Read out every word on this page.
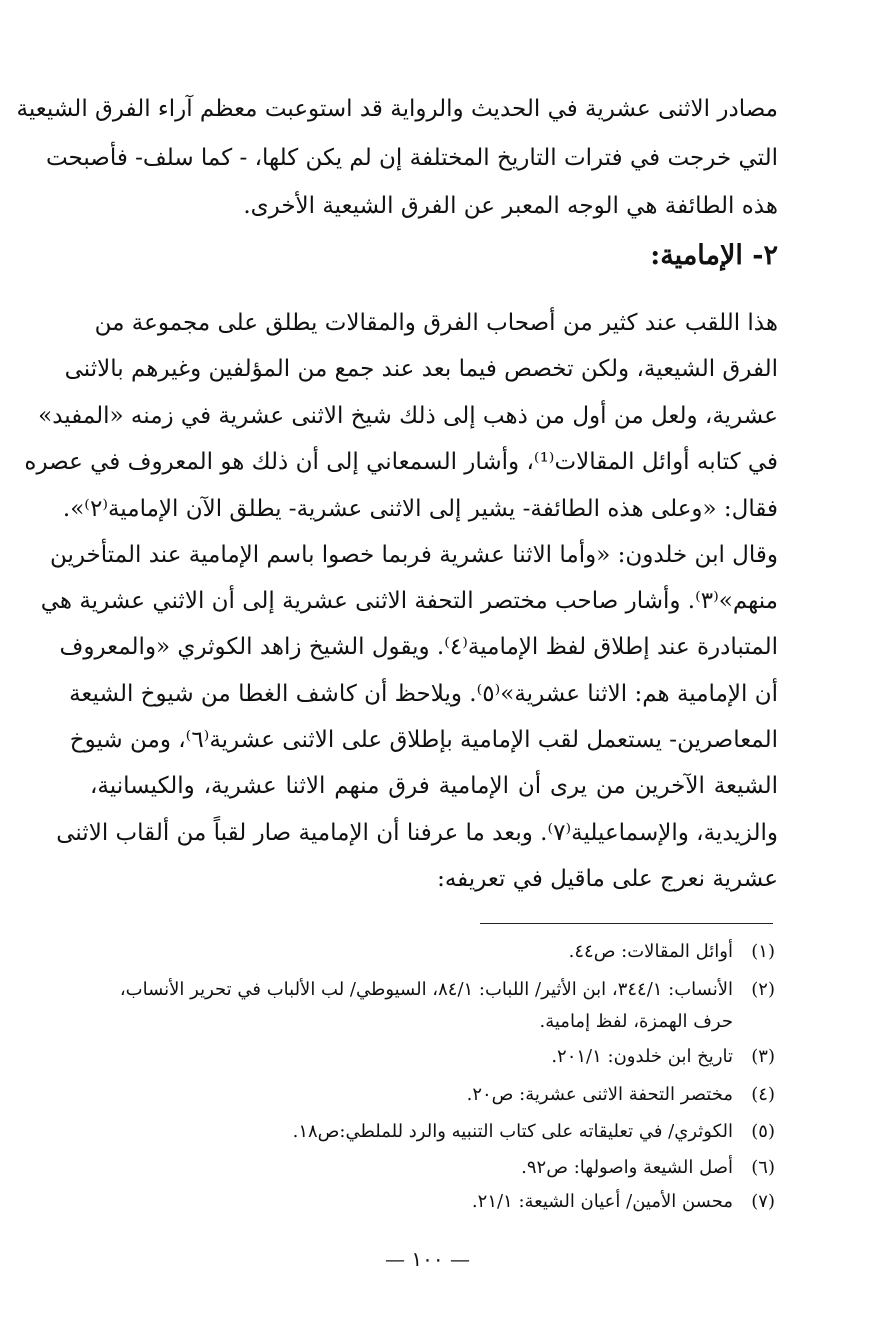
مصادر الاثنى عشرية في الحديث والرواية قد استوعبت معظم آراء الفرق الشيعية
التي خرجت في فترات التاريخ المختلفة إن لم يكن كلها، - كما سلف- فأصبحت
هذه الطائفة هي الوجه المعبر عن الفرق الشيعية الأخرى.
٢- الإمامية:
هذا اللقب عند كثير من أصحاب الفرق والمقالات يطلق على مجموعة من
الفرق الشيعية، ولكن تخصص فيما بعد عند جمع من المؤلفين وغيرهم بالاثنى
عشرية، ولعل من أول من ذهب إلى ذلك شيخ الاثنى عشرية في زمنه «المفيد»
في كتابه أوائل المقالات⁽¹⁾، وأشار السمعاني إلى أن ذلك هو المعروف في عصره
فقال: «وعلى هذه الطائفة- يشير إلى الاثنى عشرية- يطلق الآن الإمامية⁽٢⁾».
وقال ابن خلدون: «وأما الاثنا عشرية فربما خصوا باسم الإمامية عند المتأخرين
منهم»⁽٣⁾. وأشار صاحب مختصر التحفة الاثنى عشرية إلى أن الاثني عشرية هي
المتبادرة عند إطلاق لفظ الإمامية⁽٤⁾. ويقول الشيخ زاهد الكوثري «والمعروف
أن الإمامية هم: الاثنا عشرية»⁽٥⁾. ويلاحظ أن كاشف الغطا من شيوخ الشيعة
المعاصرين- يستعمل لقب الإمامية بإطلاق على الاثنى عشرية⁽٦⁾، ومن شيوخ
الشيعة الآخرين من يرى أن الإمامية فرق منهم الاثنا عشرية، والكيسانية،
والزيدية، والإسماعيلية⁽٧⁾. وبعد ما عرفنا أن الإمامية صار لقباً من ألقاب الاثنى
عشرية نعرج على ماقيل في تعريفه:
(١)أوائل المقالات: ص٤٤.
(٢)الأنساب: ٣٤٤/١، ابن الأثير/ اللباب: ٨٤/١، السيوطي/ لب الألباب في تحرير الأنساب،
حرف الهمزة، لفظ إمامية.
(٣)تاريخ ابن خلدون: ٢٠١/١.
(٤)مختصر التحفة الاثنى عشرية: ص٢٠.
(٥)الكوثري/ في تعليقاته على كتاب التنبيه والرد للملطي:ص١٨.
(٦)أصل الشيعة واصولها: ص٩٢.
(٧)محسن الأمين/ أعيان الشيعة: ٢١/١.
— ١٠٠ —
